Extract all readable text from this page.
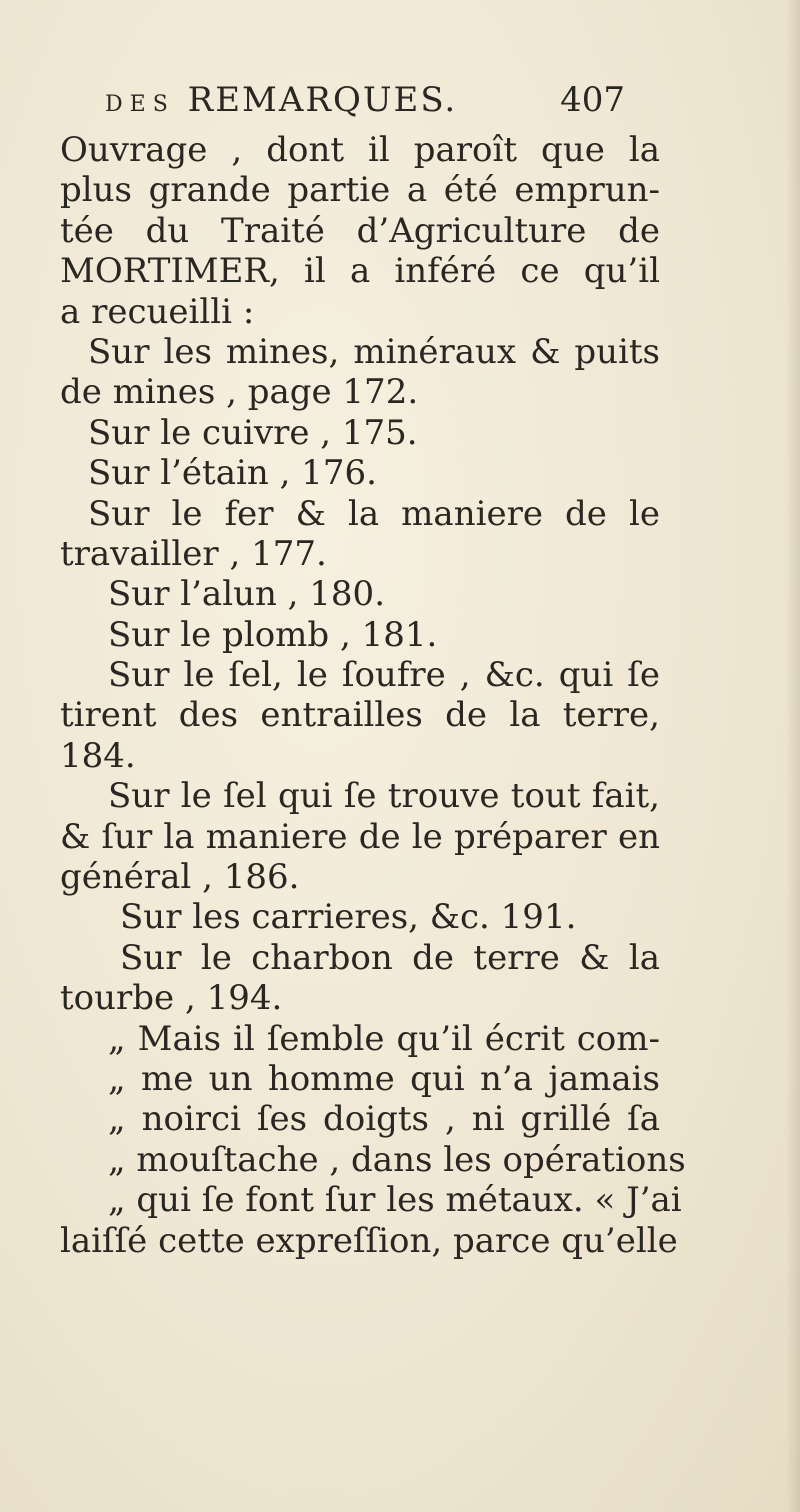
DES REMARQUES.	407
Ouvrage , dont il paroît que la
plus grande partie a été emprun-
tée du Traité d’Agriculture de
MORTIMER, il a inféré ce qu’il
a recueilli :
Sur les mines, minéraux & puits
de mines , page 172.
Sur le cuivre , 175.
Sur l’étain , 176.
Sur le fer & la maniere de le
travailler , 177.
Sur l’alun , 180.
Sur le plomb , 181.
Sur le ſel, le ſoufre , &c. qui ſe
tirent des entrailles de la terre,
184.
Sur le ſel qui ſe trouve tout fait,
& ſur la maniere de le préparer en
général , 186.
Sur les carrieres, &c. 191.
Sur le charbon de terre & la
tourbe , 194.
„ Mais il ſemble qu’il écrit com-
„ me un homme qui n’a jamais
„ noirci ſes doigts , ni grillé ſa
„ mouſtache , dans les opérations
„ qui ſe font ſur les métaux. « J’ai
laiſſé cette expreſſion, parce qu’elle
